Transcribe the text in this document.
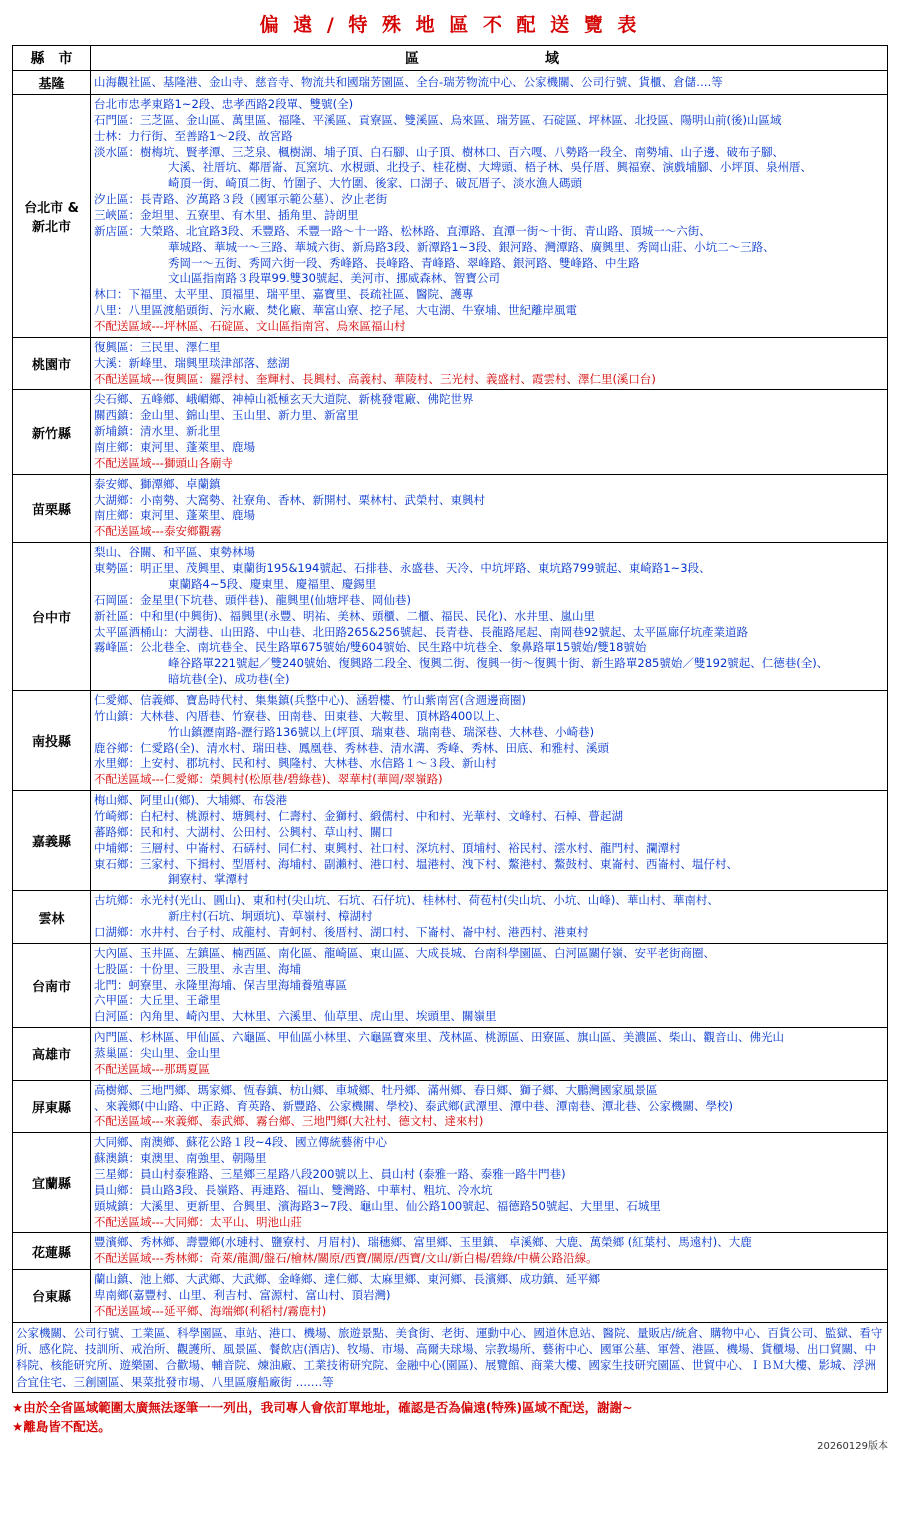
偏 遠 / 特 殊 地 區 不 配 送 覽 表
縣　市	區　　　　域
基隆	山海觀社區、基隆港、金山寺、慈音寺、物流共和國瑞芳園區、全台-瑞芳物流中心、公家機關、公司行號、貨櫃、倉儲….等

台北市 &
新北市	
台北市忠孝東路1~2段、忠孝西路2段單、雙號(全)
石門區：三芝區、金山區、萬里區、福隆、平溪區、貢寮區、雙溪區、烏來區、瑞芳區、石碇區、坪林區、北投區、陽明山前(後)山區域
士林：力行街、至善路1～2段、故宮路
淡水區：樹梅坑、賢孝潭、三芝泉、楓樹湖、埔子頂、白石腳、山子頂、樹林口、百六嘎、八勢路一段全、南勢埔、山子邊、破布子腳、
大溪、社厝坑、鄰厝崙、瓦窯坑、水梘頭、北投子、桂花樹、大埤頭、梧子林、吳仔厝、興福寮、演戲埔腳、小坪頂、泉州厝、
崎頂一街、崎頂二街、竹圍子、大竹圍、後家、口湖子、破瓦厝子、淡水漁人碼頭
汐止區：長青路、汐萬路３段（國軍示範公墓）、汐止老街
三峽區：金坦里、五寮里、有木里、插角里、詩朗里
新店區：大榮路、北宜路3段、禾豐路、禾豐一路～十一路、松林路、直潭路、直潭一街～十街、青山路、頂城一～六街、
華城路、華城一～三路、華城六街、新烏路3段、新潭路1~3段、銀河路、灣潭路、廣興里、秀岡山莊、小坑二～三路、
秀岡一～五街、秀岡六街一段、秀峰路、長峰路、青峰路、翠峰路、銀河路、雙峰路、中生路
文山區指南路３段單99.雙30號起、美河市、挪威森林、智寶公司
林口：下福里、太平里、頂福里、瑞平里、嘉寶里、長疏社區、醫院、護專
八里：八里區渡船頭街、污水廠、焚化廠、華富山寮、挖子尾、大屯湖、牛寮埔、世紀離岸風電
不配送區域---坪林區、石碇區、文山區指南宮、烏來區福山村

桃園市	復興區：三民里、澤仁里
大溪：新峰里、瑞興里琰津部落、慈湖
不配送區域---復興區：羅浮村、奎輝村、長興村、高義村、華陵村、三光村、義盛村、霞雲村、澤仁里(溪口台)

新竹縣	尖石鄉、五峰鄉、峨嵋鄉、神棹山祗極玄天大道院、新桃發電廠、佛陀世界
關西鎮：金山里、錦山里、玉山里、新力里、新富里
新埔鎮：清水里、新北里
南庄鄉：東河里、蓬萊里、鹿場
不配送區域---獅頭山各廟寺

苗栗縣	泰安鄉、獅潭鄉、卓蘭鎮
大湖鄉：小南勢、大窩勢、社寮角、香林、新開村、栗林村、武榮村、東興村
南庄鄉：東河里、蓬萊里、鹿場
不配送區域---泰安鄉觀霧

台中市	
梨山、谷關、和平區、東勢林場
東勢區：明正里、茂興里、東蘭街195&194號起、石排巷、永盛巷、天冷、中坑坪路、東坑路799號起、東崎路1~3段、
東蘭路4~5段、慶東里、慶福里、慶錫里
石岡區：金星里(下坑巷、頭伴巷)、龍興里(仙塘坪巷、岡仙巷)
新社區：中和里(中興街)、福興里(永豐、明祐、美林、頭櫃、二櫃、福民、民化)、水井里、嵐山里
太平區酒桶山：大湖巷、山田路、中山巷、北田路265&256號起、長青巷、長龍路尾起、南岡巷92號起、太平區廍仔坑產業道路
霧峰區：公北巷全、南坑巷全、民生路單675號始/雙604號始、民生路中坑巷全、象鼻路單15號始/雙18號始
峰谷路單221號起／雙240號始、復興路二段全、復興二街、復興一街～復興十街、新生路單285號始／雙192號起、仁德巷(全)、
暗坑巷(全)、成功巷(全)

南投縣	
仁愛鄉、信義鄉、寶島時代村、集集鎮(兵整中心)、涵碧樓、竹山紫南宮(含週邊商圈)
竹山鎮：大林巷、內厝巷、竹寮巷、田南巷、田東巷、大鞍里、頂林路400以上、
竹山鎮瀝南路-瀝行路136號以上(坪頂、瑞東巷、瑞南巷、瑞深巷、大林巷、小崎巷)
鹿谷鄉：仁愛路(全)、清水村、瑞田巷、鳳凰巷、秀林巷、清水溝、秀峰、秀林、田底、和雅村、溪頭
水里鄉：上安村、郡坑村、民和村、興隆村、大林巷、水信路１～３段、新山村
不配送區域---仁愛鄉：榮興村(松原巷/碧綠巷)、翠華村(華岡/翠嶺路)

嘉義縣	
梅山鄉、阿里山(鄉)、大埔鄉、布袋港
竹崎鄉：白杞村、桃源村、塘興村、仁壽村、金獅村、緞儒村、中和村、光華村、文峰村、石棹、瞢起湖
蕃路鄉：民和村、大湖村、公田村、公興村、草山村、關口
中埔鄉：三層村、中崙村、石硦村、同仁村、東興村、社口村、深坑村、頂埔村、裕民村、澐水村、龍門村、瀾潭村
東石鄉：三家村、下揖村、型厝村、海埔村、副瀨村、港口村、塭港村、洩下村、鰲港村、鰲鼓村、東崙村、西崙村、塭仔村、
銅寮村、掌潭村

雲林	古坑鄉：永光村(光山、圓山)、東和村(尖山坑、石坑、石仔坑)、桂林村、荷苞村(尖山坑、小坑、山峰)、華山村、華南村、
新庄村(石坑、坰頭坑)、草嶺村、樟湖村
口湖鄉：水井村、台子村、成龍村、青蚵村、後厝村、湖口村、下崙村、崙中村、港西村、港東村

台南市	大內區、玉井區、左鎮區、楠西區、南化區、龍崎區、東山區、大成長城、台南科學園區、白河區關仔嶺、安平老街商圈、
七股區：十份里、三股里、永吉里、海埔
北門：蚵寮里、永隆里海埔、保吉里海埔養殖專區
六甲區：大丘里、王爺里
白河區：內角里、崎內里、大林里、六溪里、仙草里、虎山里、埃頭里、關嶺里

高雄市	內門區、杉林區、甲仙區、六龜區、甲仙區小林里、六龜區寶來里、茂林區、桃源區、田寮區、旗山區、美濃區、柴山、觀音山、佛光山
蒸巢區：尖山里、金山里
不配送區域---那瑪夏區

屏東縣	高樹鄉、三地門鄉、瑪家鄉、恆春鎮、枋山鄉、車城鄉、牡丹鄉、滿州鄉、春日鄉、獅子鄉、大鵬灣國家風景區
、來義鄉(中山路、中正路、育英路、新豐路、公家機關、學校)、泰武鄉(武潭里、潭中巷、潭南巷、潭北巷、公家機關、學校)
不配送區域---來義鄉、泰武鄉、霧台鄉、三地門鄉(大社村、德文村、達來村)

宜蘭縣	
大同鄉、南澳鄉、蘇花公路１段~4段、國立傳統藝術中心
蘇澳鎮：東澳里、南強里、朝陽里
三星鄉：員山村泰雅路、三星鄉三星路八段200號以上、員山村 (泰雅一路、泰雅一路牛門巷)
員山鄉：員山路3段、長嶺路、再連路、福山、雙灣路、中華村、粗坑、冷水坑
頭城鎮：大溪里、更新里、合興里、濱海路3~7段、龜山里、仙公路100號起、福德路50號起、大里里、石城里
不配送區域---大同鄉：太平山、明池山莊

花蓮縣	豐濱鄉、秀林鄉、壽豐鄉(水璉村、鹽寮村、月眉村)、瑞穗鄉、富里鄉、玉里鎮、 卓溪鄉、大鹿、萬榮鄉 (紅葉村、馬遠村)、大鹿
不配送區域---秀林鄉：奇萊/龍澗/盤石/檜林/關原/西寶/關原/西寶/文山/新白楊/碧綠/中橫公路沿線。

台東縣	蘭山鎮、池上鄉、大武鄉、大武鄉、金峰鄉、達仁鄉、太麻里鄉、東河鄉、長濱鄉、成功鎮、延平鄉
卑南鄉(嘉豐村、山里、利吉村、富源村、富山村、頂岩灣)
不配送區域---延平鄉、海端鄉(利稻村/霧鹿村)

公家機關、公司行號、工業區、科學園區、車站、港口、機場、旅遊景點、美食街、老街、運動中心、國道休息站、醫院、量販店/統倉、購物中心、百貨公司、監獄、看守所、感化院、技訓所、戒治所、觀護所、風景區、餐飲店(酒店)、牧場、市場、高爾夫球場、宗教場所、藝術中心、國軍公墓、軍營、港區、機場、貨櫃場、出口貿關、中科院、核能研究所、遊樂園、合歡場、輔音院、煉油廠、工業技術研究院、金融中心(園區)、展覽館、商業大樓、國家生技研究園區、世貿中心、ＩＢＭ大樓、影城、浮洲合宜住宅、三創園區、果菜批發市場、八里區廢船廠街 ….…等	
★由於全省區域範圍太廣無法逐筆一一列出，我司專人會依訂單地址，確認是否為偏遠(特殊)區域不配送，謝謝~
★離島皆不配送。
20260129版本
